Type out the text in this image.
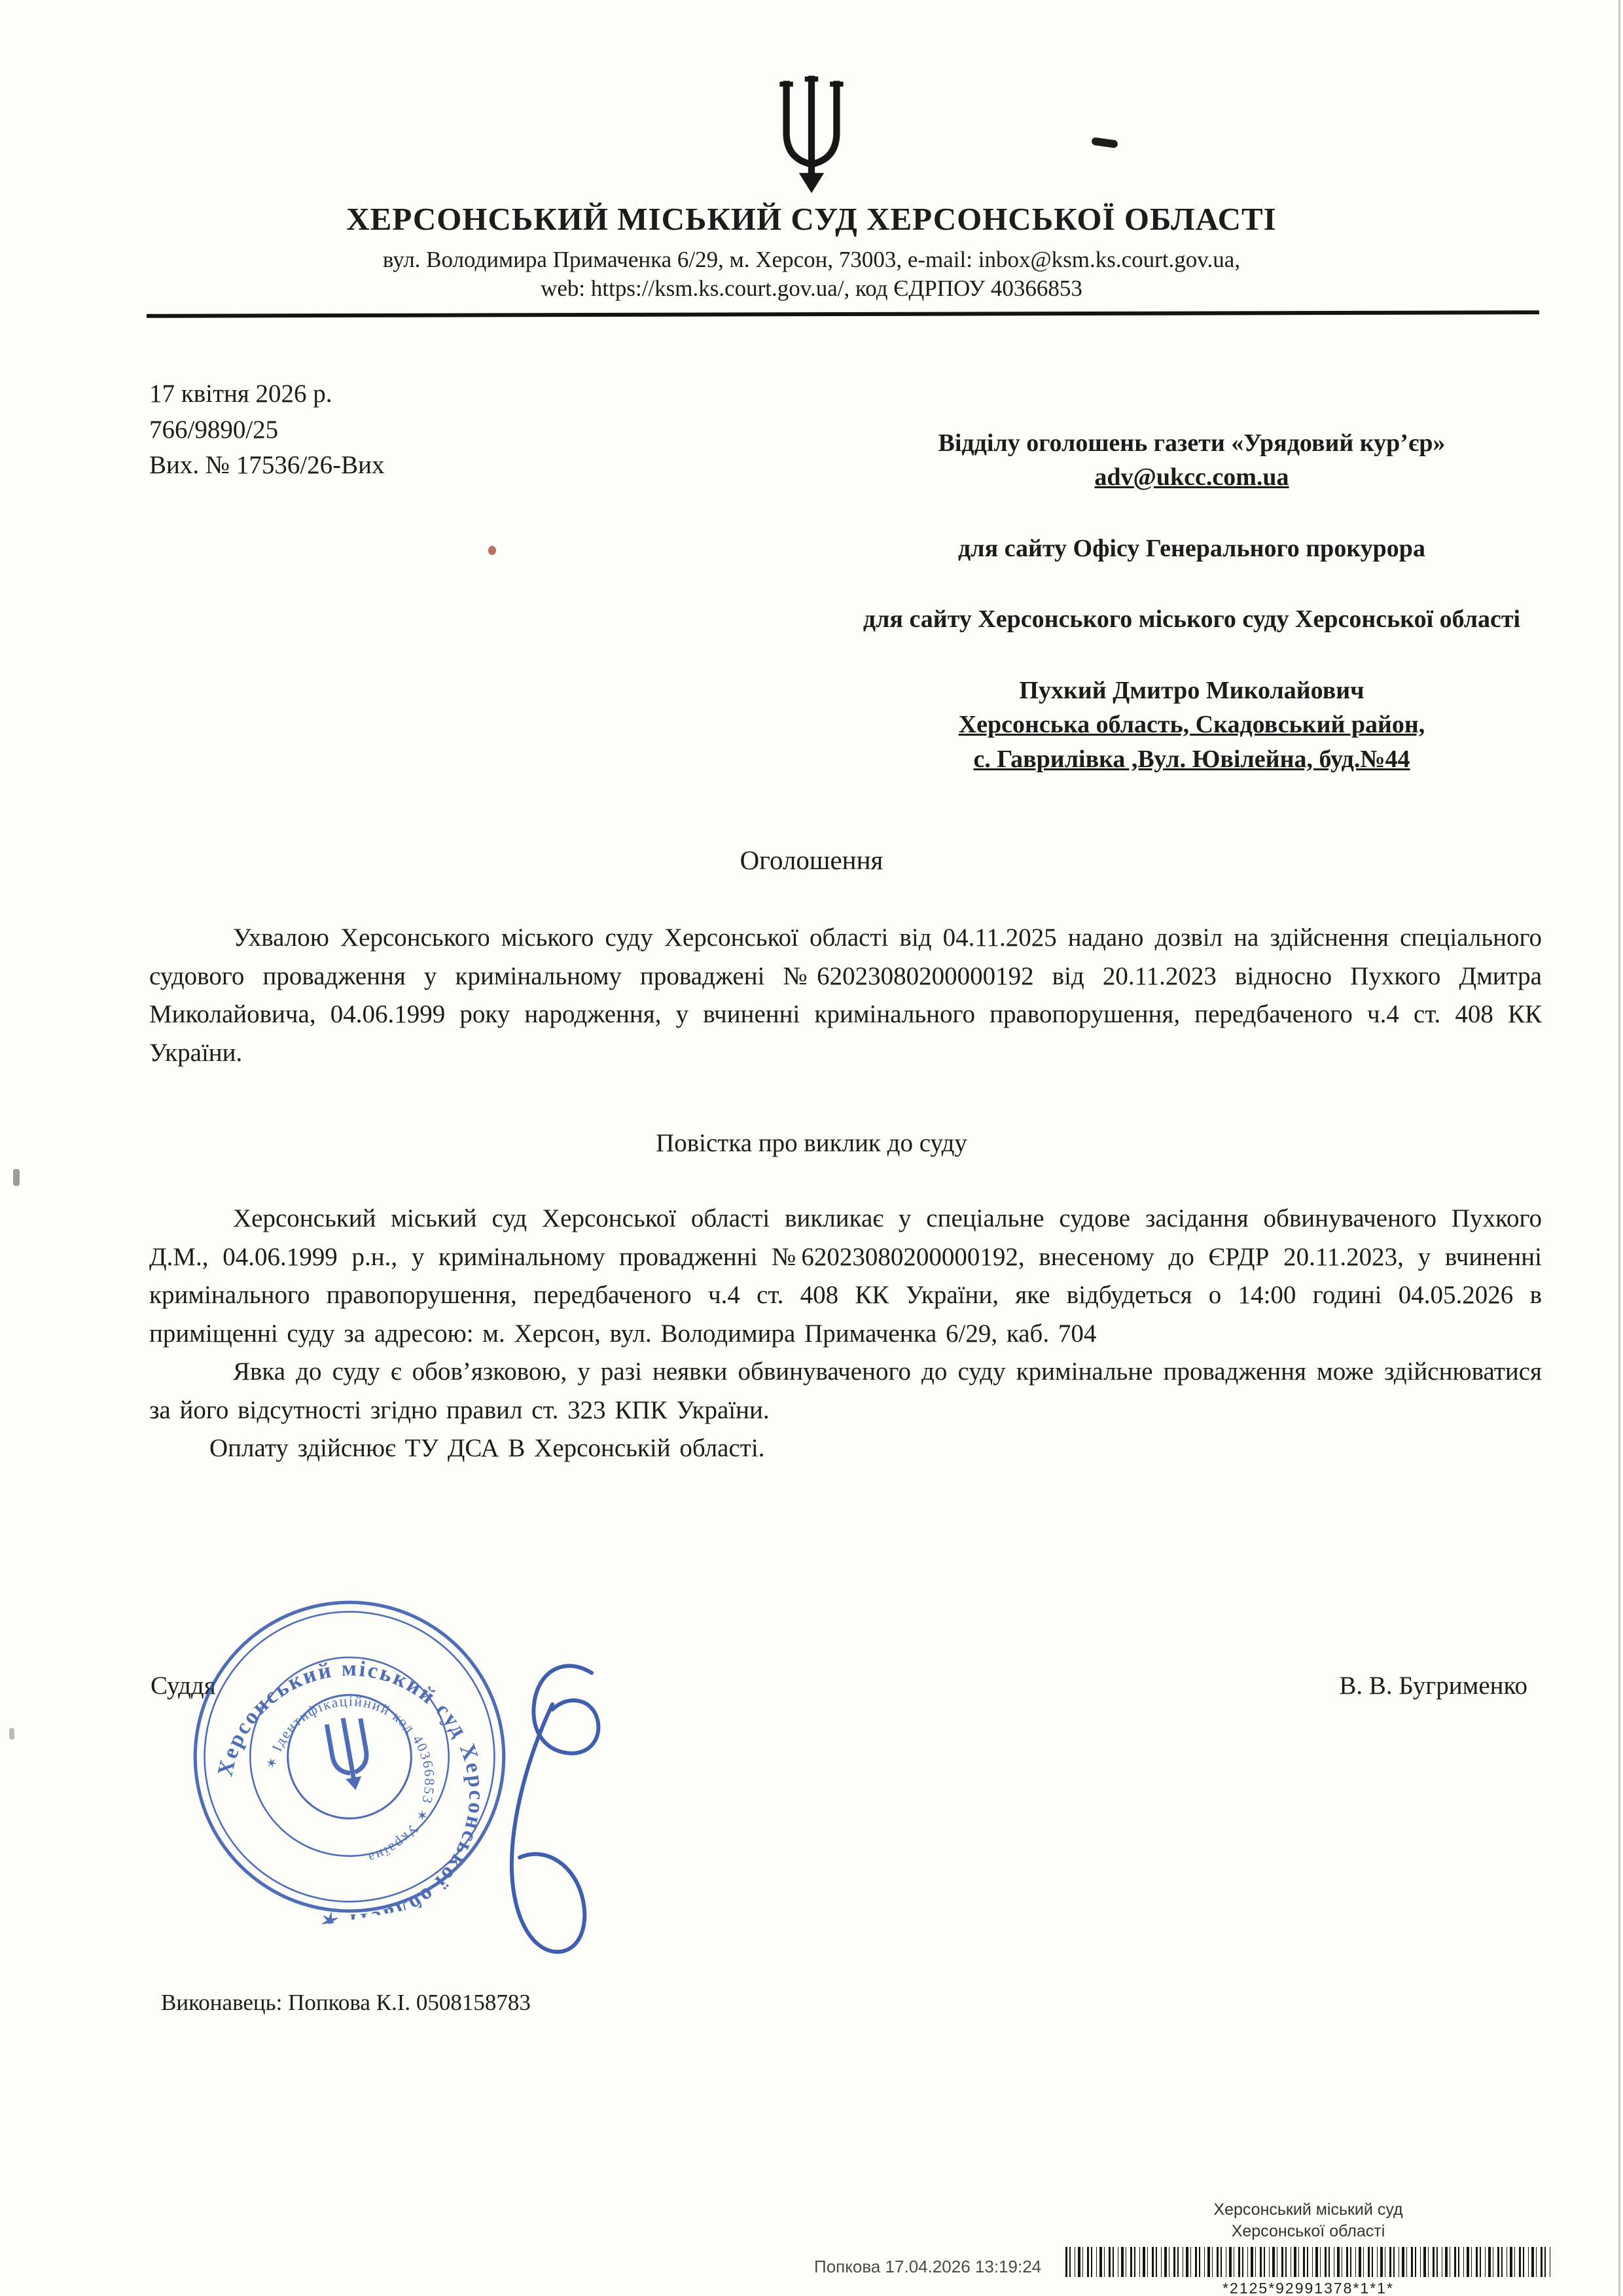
ХЕРСОНСЬКИЙ МІСЬКИЙ СУД ХЕРСОНСЬКОЇ ОБЛАСТІ
вул. Володимира Примаченка 6/29, м. Херсон, 73003, e-mail: inbox@ksm.ks.court.gov.ua,
web: https://ksm.ks.court.gov.ua/, код ЄДРПОУ 40366853
17 квітня 2026 р.
766/9890/25
Вих. № 17536/26-Вих
Відділу оголошень газети «Урядовий кур’єр»
adv@ukcc.com.ua
для сайту Офісу Генерального прокурора
для сайту Херсонського міського суду Херсонської області
Пухкий Дмитро Миколайович
Херсонська область, Скадовський район,
с. Гаврилівка ,Вул. Ювілейна, буд.№44
Оголошення

Ухвалою Херсонського міського суду Херсонської області від 04.11.2025 надано дозвіл на здійснення спеціального судового провадження у кримінальному проваджені №62023080200000192 від 20.11.2023 відносно Пухкого Дмитра Миколайовича, 04.06.1999 року народження, у вчиненні кримінального правопорушення, передбаченого ч.4 ст. 408 КК України.

Повістка про виклик до суду

Херсонський міський суд Херсонської області викликає у спеціальне судове засідання обвинуваченого Пухкого Д.М., 04.06.1999 р.н., у кримінальному провадженні №62023080200000192, внесеному до ЄРДР 20.11.2023, у вчиненні кримінального правопорушення, передбаченого ч.4 ст. 408 КК України, яке відбудеться о 14:00 годині 04.05.2026 в приміщенні суду за адресою: м. Херсон, вул. Володимира Примаченка 6/29, каб. 704

Явка до суду є обов’язковою, у разі неявки обвинуваченого до суду кримінальне провадження може здійснюватися за його відсутності згідно правил ст. 323 КПК України.

Оплату здійснює ТУ ДСА В Херсонській області.

Суддя	В. В. Бугрименко
Херсонський міський суд Херсонської області ✶
✶ Ідентифікаційний код 40366853 ✶ Україна
Виконавець: Попкова К.І. 0508158783
Попкова 17.04.2026 13:19:24
Херсонський міський суд
Херсонської області
*2125*92991378*1*1*
